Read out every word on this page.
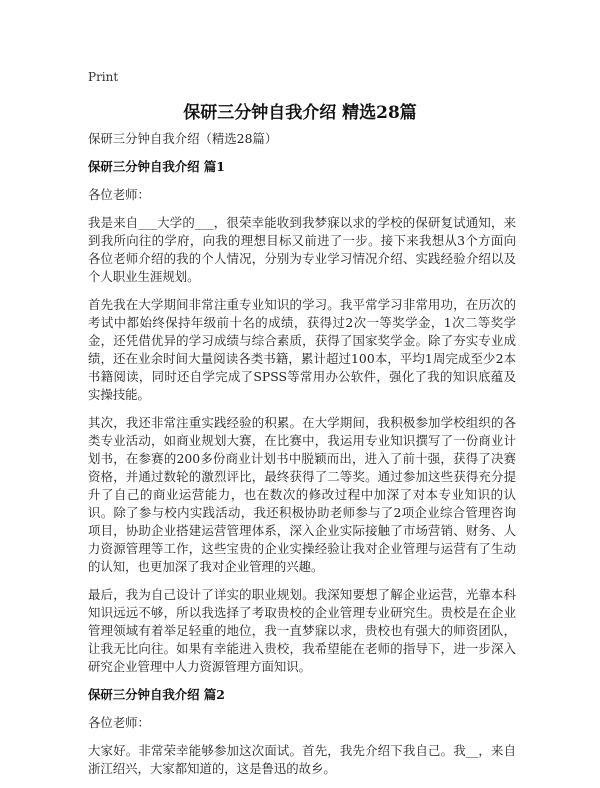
Print
保研三分钟自我介绍 精选28篇

保研三分钟自我介绍（精选28篇）

保研三分钟自我介绍 篇1

各位老师：

我是来自___大学的___，很荣幸能收到我梦寐以求的学校的保研复试通知，来到我所向往的学府，向我的理想目标又前进了一步。接下来我想从3个方面向各位老师介绍的我的个人情况，分别为专业学习情况介绍、实践经验介绍以及个人职业生涯规划。

首先我在大学期间非常注重专业知识的学习。我平常学习非常用功，在历次的考试中都始终保持年级前十名的成绩，获得过2次一等奖学金，1次二等奖学金，还凭借优异的学习成绩与综合素质，获得了国家奖学金。除了夯实专业成绩，还在业余时间大量阅读各类书籍，累计超过100本，平均1周完成至少2本书籍阅读，同时还自学完成了SPSS等常用办公软件，强化了我的知识底蕴及实操技能。

其次，我还非常注重实践经验的积累。在大学期间，我积极参加学校组织的各类专业活动，如商业规划大赛，在比赛中，我运用专业知识撰写了一份商业计划书，在参赛的200多份商业计划书中脱颖而出，进入了前十强，获得了决赛资格，并通过数轮的激烈评比，最终获得了二等奖。通过参加这些获得充分提升了自己的商业运营能力，也在数次的修改过程中加深了对本专业知识的认识。除了参与校内实践活动，我还积极协助老师参与了2项企业综合管理咨询项目，协助企业搭建运营管理体系，深入企业实际接触了市场营销、财务、人力资源管理等工作，这些宝贵的企业实操经验让我对企业管理与运营有了生动的认知，也更加深了我对企业管理的兴趣。

最后，我为自己设计了详实的职业规划。我深知要想了解企业运营，光靠本科知识远远不够，所以我选择了考取贵校的企业管理专业研究生。贵校是在企业管理领域有着举足轻重的地位，我一直梦寐以求，贵校也有强大的师资团队，让我无比向往。如果有幸能进入贵校，我希望能在老师的指导下，进一步深入研究企业管理中人力资源管理方面知识。

保研三分钟自我介绍 篇2

各位老师：

大家好。非常荣幸能够参加这次面试。首先，我先介绍下我自己。我__，来自浙江绍兴，大家都知道的，这是鲁迅的故乡。
